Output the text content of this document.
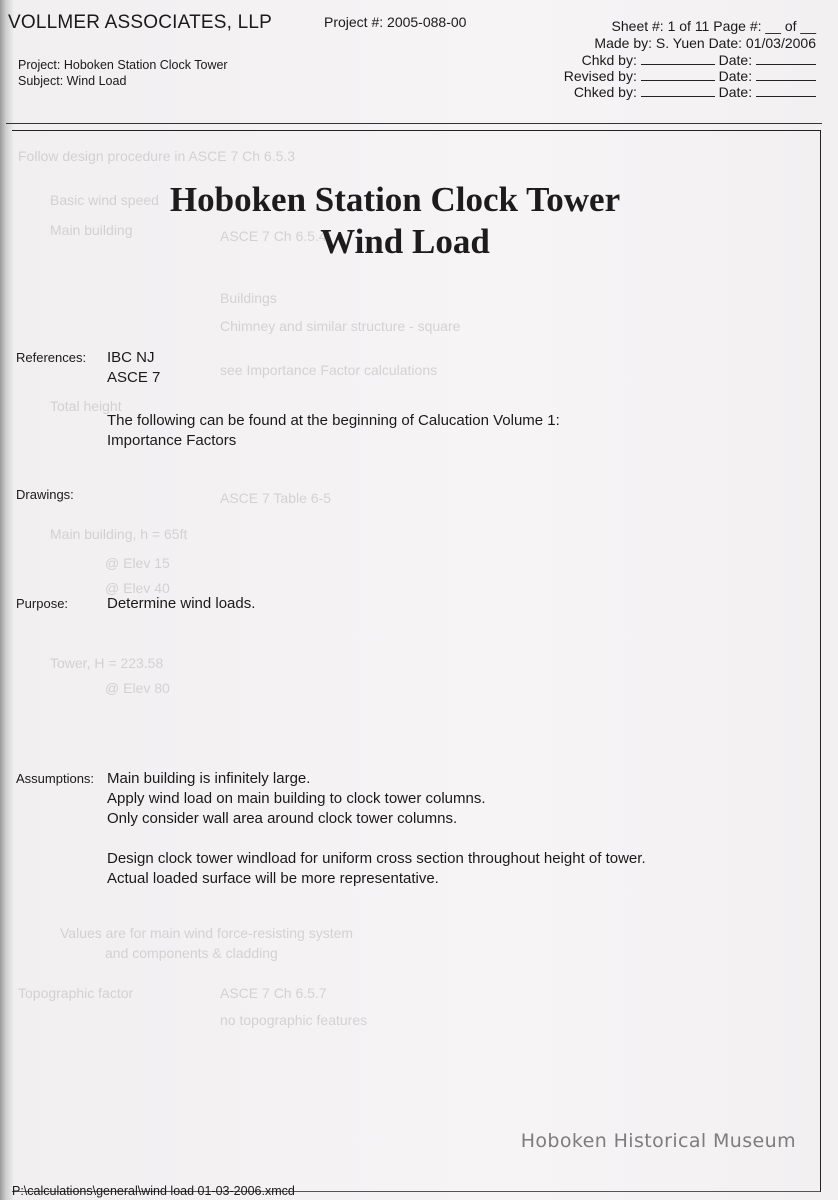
Follow design procedure in ASCE 7 Ch 6.5.3
Basic wind speed
Main building	ASCE 7 Ch 6.5.4
Buildings
Chimney and similar structure - square
see Importance Factor calculations
Total height
ASCE 7 Table 6-5
Main building, h = 65ft
@ Elev 15
@ Elev 40
Tower, H = 223.58
@ Elev 80
Values are for main wind force-resisting system
and components & cladding
Topographic factor	ASCE 7 Ch 6.5.7
no topographic features
VOLLMER ASSOCIATES, LLP	Project #: 2005-088-00
Project: Hoboken Station Clock Tower
Subject: Wind Load
Sheet #: 1 of 11 Page #: __ of __
Made by: S. Yuen Date: 01/03/2006
Chkd by:	Date:
Revised by:	Date:
Chked by:	Date:
Hoboken Station Clock Tower
Wind Load
References: IBC NJ
ASCE 7
The following can be found at the beginning of Calucation Volume 1:
Importance Factors
Drawings:
Purpose:	Determine wind loads.
Assumptions: Main building is infinitely large.
Apply wind load on main building to clock tower columns.
Only consider wall area around clock tower columns.
Design clock tower windload for uniform cross section throughout height of tower.
Actual loaded surface will be more representative.
Hoboken Historical Museum
P:\calculations\general\wind load 01-03-2006.xmcd
